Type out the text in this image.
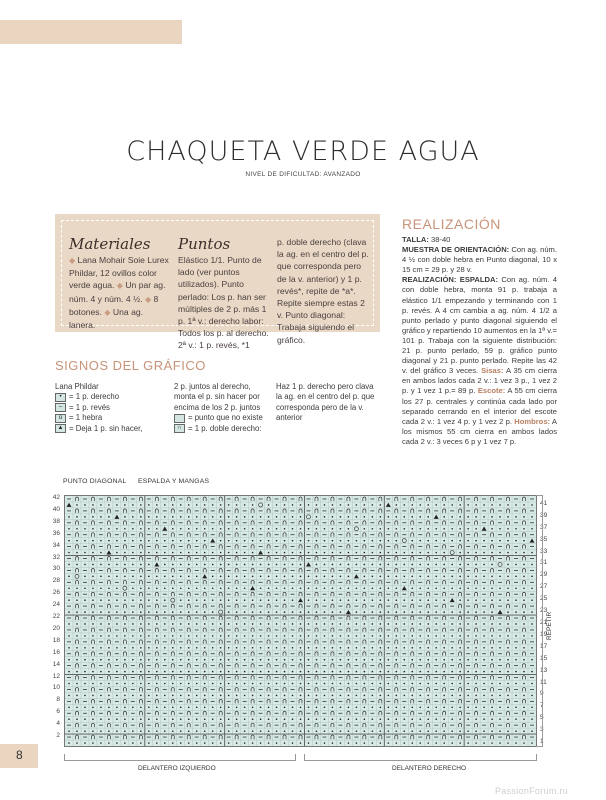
CHAQUETA VERDE AGUA
NIVEL DE DIFICULTAD: AVANZADO
Materiales
◆ Lana Mohair Soie Lurex Phildar, 12 ovillos color verde agua. ◆ Un par ag. núm. 4 y núm. 4 ½. ◆ 8 botones. ◆ Una ag. lanera.
Puntos
Elástico 1/1. Punto de lado (ver puntos utilizados). Punto perlado: Los p. han ser múltiples de 2 p. más 1 p. 1ª v.: derecho labor: Todos los p. al derecho. 2ª v.: 1 p. revés, *1
p. doble derecho (clava la ag. en el centro del p. que corresponda pero de la v. anterior) y 1 p. revés*, repite de *a*. Repite siempre estas 2 v. Punto diagonal: Trabaja siguiendo el gráfico.
REALIZACIÓN
TALLA: 38-40
MUESTRA DE ORIENTACIÓN: Con ag. núm. 4 ½ con doble hebra en Punto diagonal, 10 x 15 cm = 29 p. y 28 v.
REALIZACIÓN: ESPALDA: Con ag. núm. 4 con doble hebra, monta 91 p. trabaja a elástico 1/1 empezando y terminando con 1 p. revés. A 4 cm cambia a ag. núm. 4 1/2 a punto perlado y punto diagonal siguiendo el gráfico y repartiendo 10 aumentos en la 1ª v.= 101 p. Trabaja con la siguiente distribución: 21 p. punto perlado, 59 p. gráfico punto diagonal y 21 p. punto perlado. Repite las 42 v. del gráfico 3 veces. Sisas: A 35 cm cierra en ambos lados cada 2 v.: 1 vez 3 p., 1 vez 2 p. y 1 vez 1 p.= 89 p. Escote: A 55 cm cierra los 27 p. centrales y continúa cada lado por separado cerrando en el interior del escote cada 2 v.: 1 vez 4 p. y 1 vez 2 p. Hombros: A los mismos 55 cm cierra en ambos lados cada 2 v.: 3 veces 6 p y 1 vez 7 p.
SIGNOS DEL GRÁFICO
Lana Phildar
• = 1 p. derecho
– = 1 p. revés
o = 1 hebra
▲ = Deja 1 p. sin hacer,
2 p. juntos al derecho, monta el p. sin hacer por encima de los 2 p. juntos
= punto que no existe
∩ = 1 p. doble derecho:
Haz 1 p. derecho pero clava la ag. en el centro del p. que corresponda pero de la v. anterior
PUNTO DIAGONAL ESPALDA Y MANGAS
42
40
38
36
34
32
30
28
26
24
22
20
18
16
14
12
10
8
6
4
2
41
39
37
35
33
31
29
27
25
23
21
19
17
15
13
11
9
7
5
3
1
REPETIR
DELANTERO IZQUIERDO	DELANTERO DERECHO
8
PassionForum.ru
